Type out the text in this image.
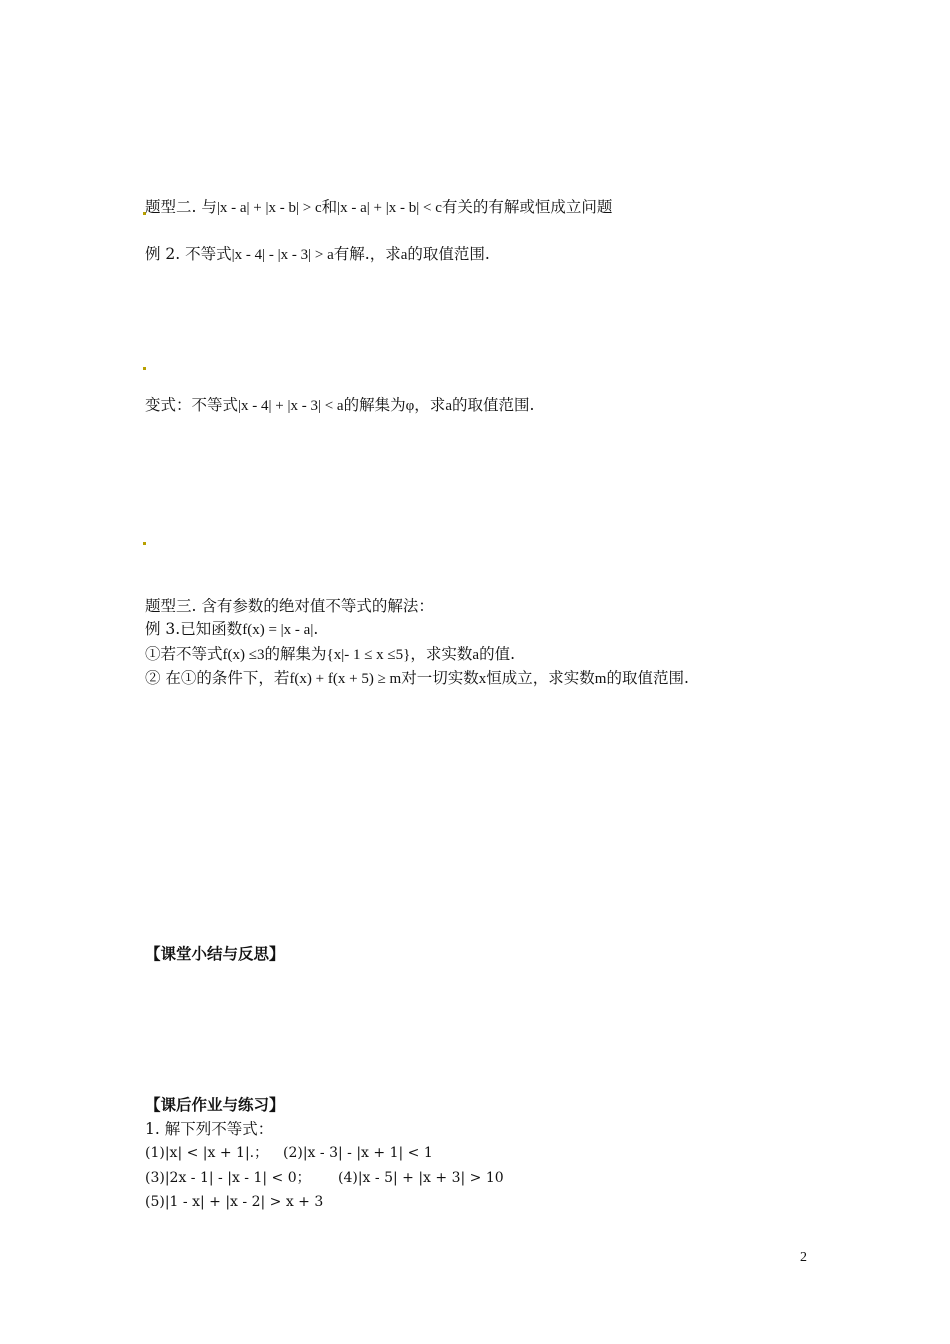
题型二. 与|x - a| + |x - b| > c和|x - a| + |x - b| < c有关的有解或恒成立问题
例 2. 不等式|x - 4| - |x - 3| > a有解.，求a的取值范围.
变式：不等式|x - 4| + |x - 3| < a的解集为φ，求a的取值范围.
题型三. 含有参数的绝对值不等式的解法：
例 3.已知函数f(x) = |x - a|.
①若不等式f(x) ≤3的解集为{x|- 1 ≤ x ≤5}，求实数a的值.
② 在①的条件下，若f(x) + f(x + 5) ≥ m对一切实数x恒成立，求实数m的取值范围.
【课堂小结与反思】
【课后作业与练习】
1. 解下列不等式：
(1)|x| < |x + 1|.； (2)|x - 3| - |x + 1| < 1
(3)|2x - 1| - |x - 1| < 0； (4)|x - 5| + |x + 3| > 10
(5)|1 - x| + |x - 2| > x + 3
2
